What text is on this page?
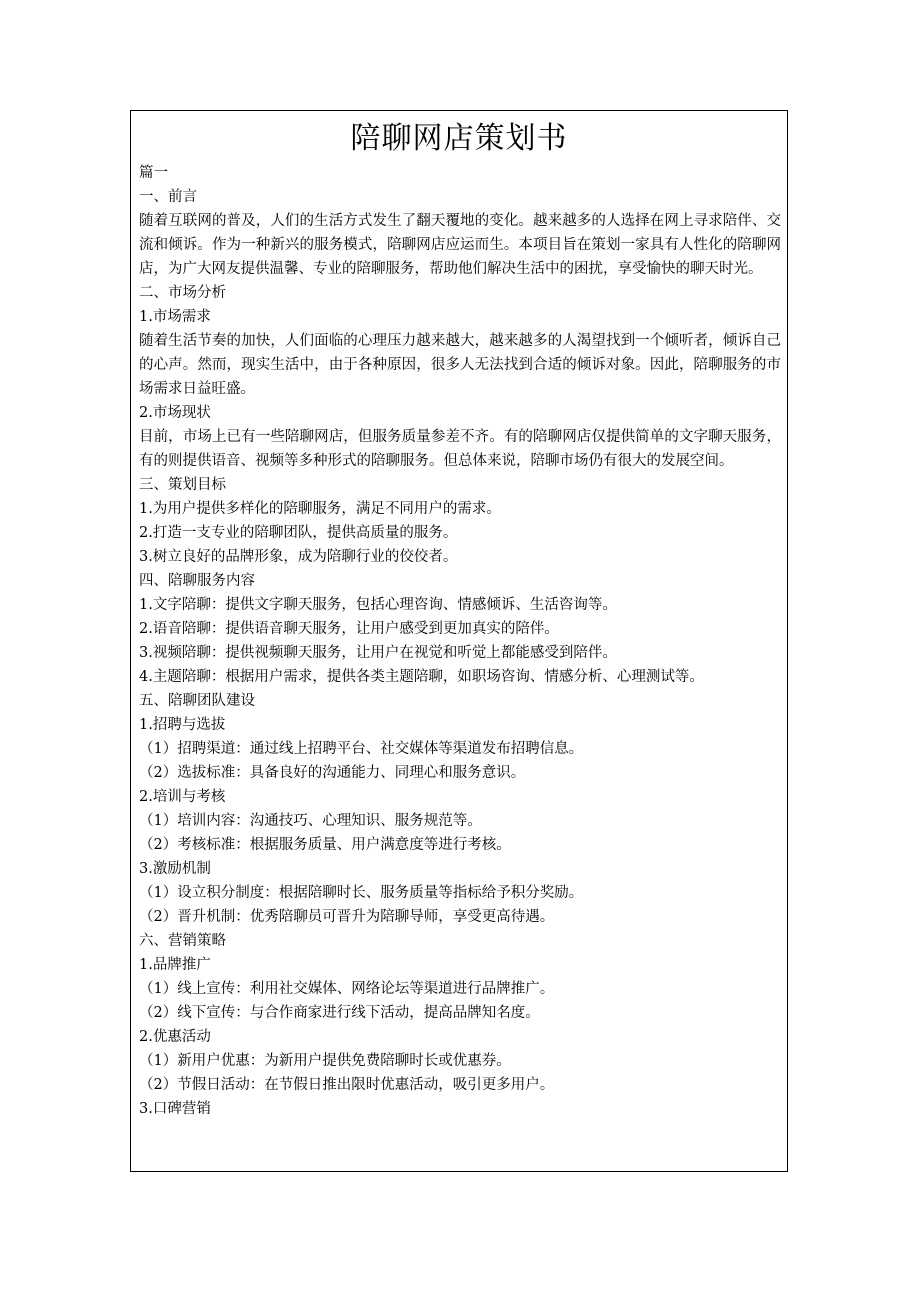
陪聊网店策划书
篇一
一、前言
随着互联网的普及，人们的生活方式发生了翻天覆地的变化。越来越多的人选择在网上寻求陪伴、交流和倾诉。作为一种新兴的服务模式，陪聊网店应运而生。本项目旨在策划一家具有人性化的陪聊网店，为广大网友提供温馨、专业的陪聊服务，帮助他们解决生活中的困扰，享受愉快的聊天时光。
二、市场分析
1.市场需求
随着生活节奏的加快，人们面临的心理压力越来越大，越来越多的人渴望找到一个倾听者，倾诉自己的心声。然而，现实生活中，由于各种原因，很多人无法找到合适的倾诉对象。因此，陪聊服务的市场需求日益旺盛。
2.市场现状
目前，市场上已有一些陪聊网店，但服务质量参差不齐。有的陪聊网店仅提供简单的文字聊天服务，有的则提供语音、视频等多种形式的陪聊服务。但总体来说，陪聊市场仍有很大的发展空间。
三、策划目标
1.为用户提供多样化的陪聊服务，满足不同用户的需求。
2.打造一支专业的陪聊团队，提供高质量的服务。
3.树立良好的品牌形象，成为陪聊行业的佼佼者。
四、陪聊服务内容
1.文字陪聊：提供文字聊天服务，包括心理咨询、情感倾诉、生活咨询等。
2.语音陪聊：提供语音聊天服务，让用户感受到更加真实的陪伴。
3.视频陪聊：提供视频聊天服务，让用户在视觉和听觉上都能感受到陪伴。
4.主题陪聊：根据用户需求，提供各类主题陪聊，如职场咨询、情感分析、心理测试等。
五、陪聊团队建设
1.招聘与选拔
（1）招聘渠道：通过线上招聘平台、社交媒体等渠道发布招聘信息。
（2）选拔标准：具备良好的沟通能力、同理心和服务意识。
2.培训与考核
（1）培训内容：沟通技巧、心理知识、服务规范等。
（2）考核标准：根据服务质量、用户满意度等进行考核。
3.激励机制
（1）设立积分制度：根据陪聊时长、服务质量等指标给予积分奖励。
（2）晋升机制：优秀陪聊员可晋升为陪聊导师，享受更高待遇。
六、营销策略
1.品牌推广
（1）线上宣传：利用社交媒体、网络论坛等渠道进行品牌推广。
（2）线下宣传：与合作商家进行线下活动，提高品牌知名度。
2.优惠活动
（1）新用户优惠：为新用户提供免费陪聊时长或优惠券。
（2）节假日活动：在节假日推出限时优惠活动，吸引更多用户。
3.口碑营销
